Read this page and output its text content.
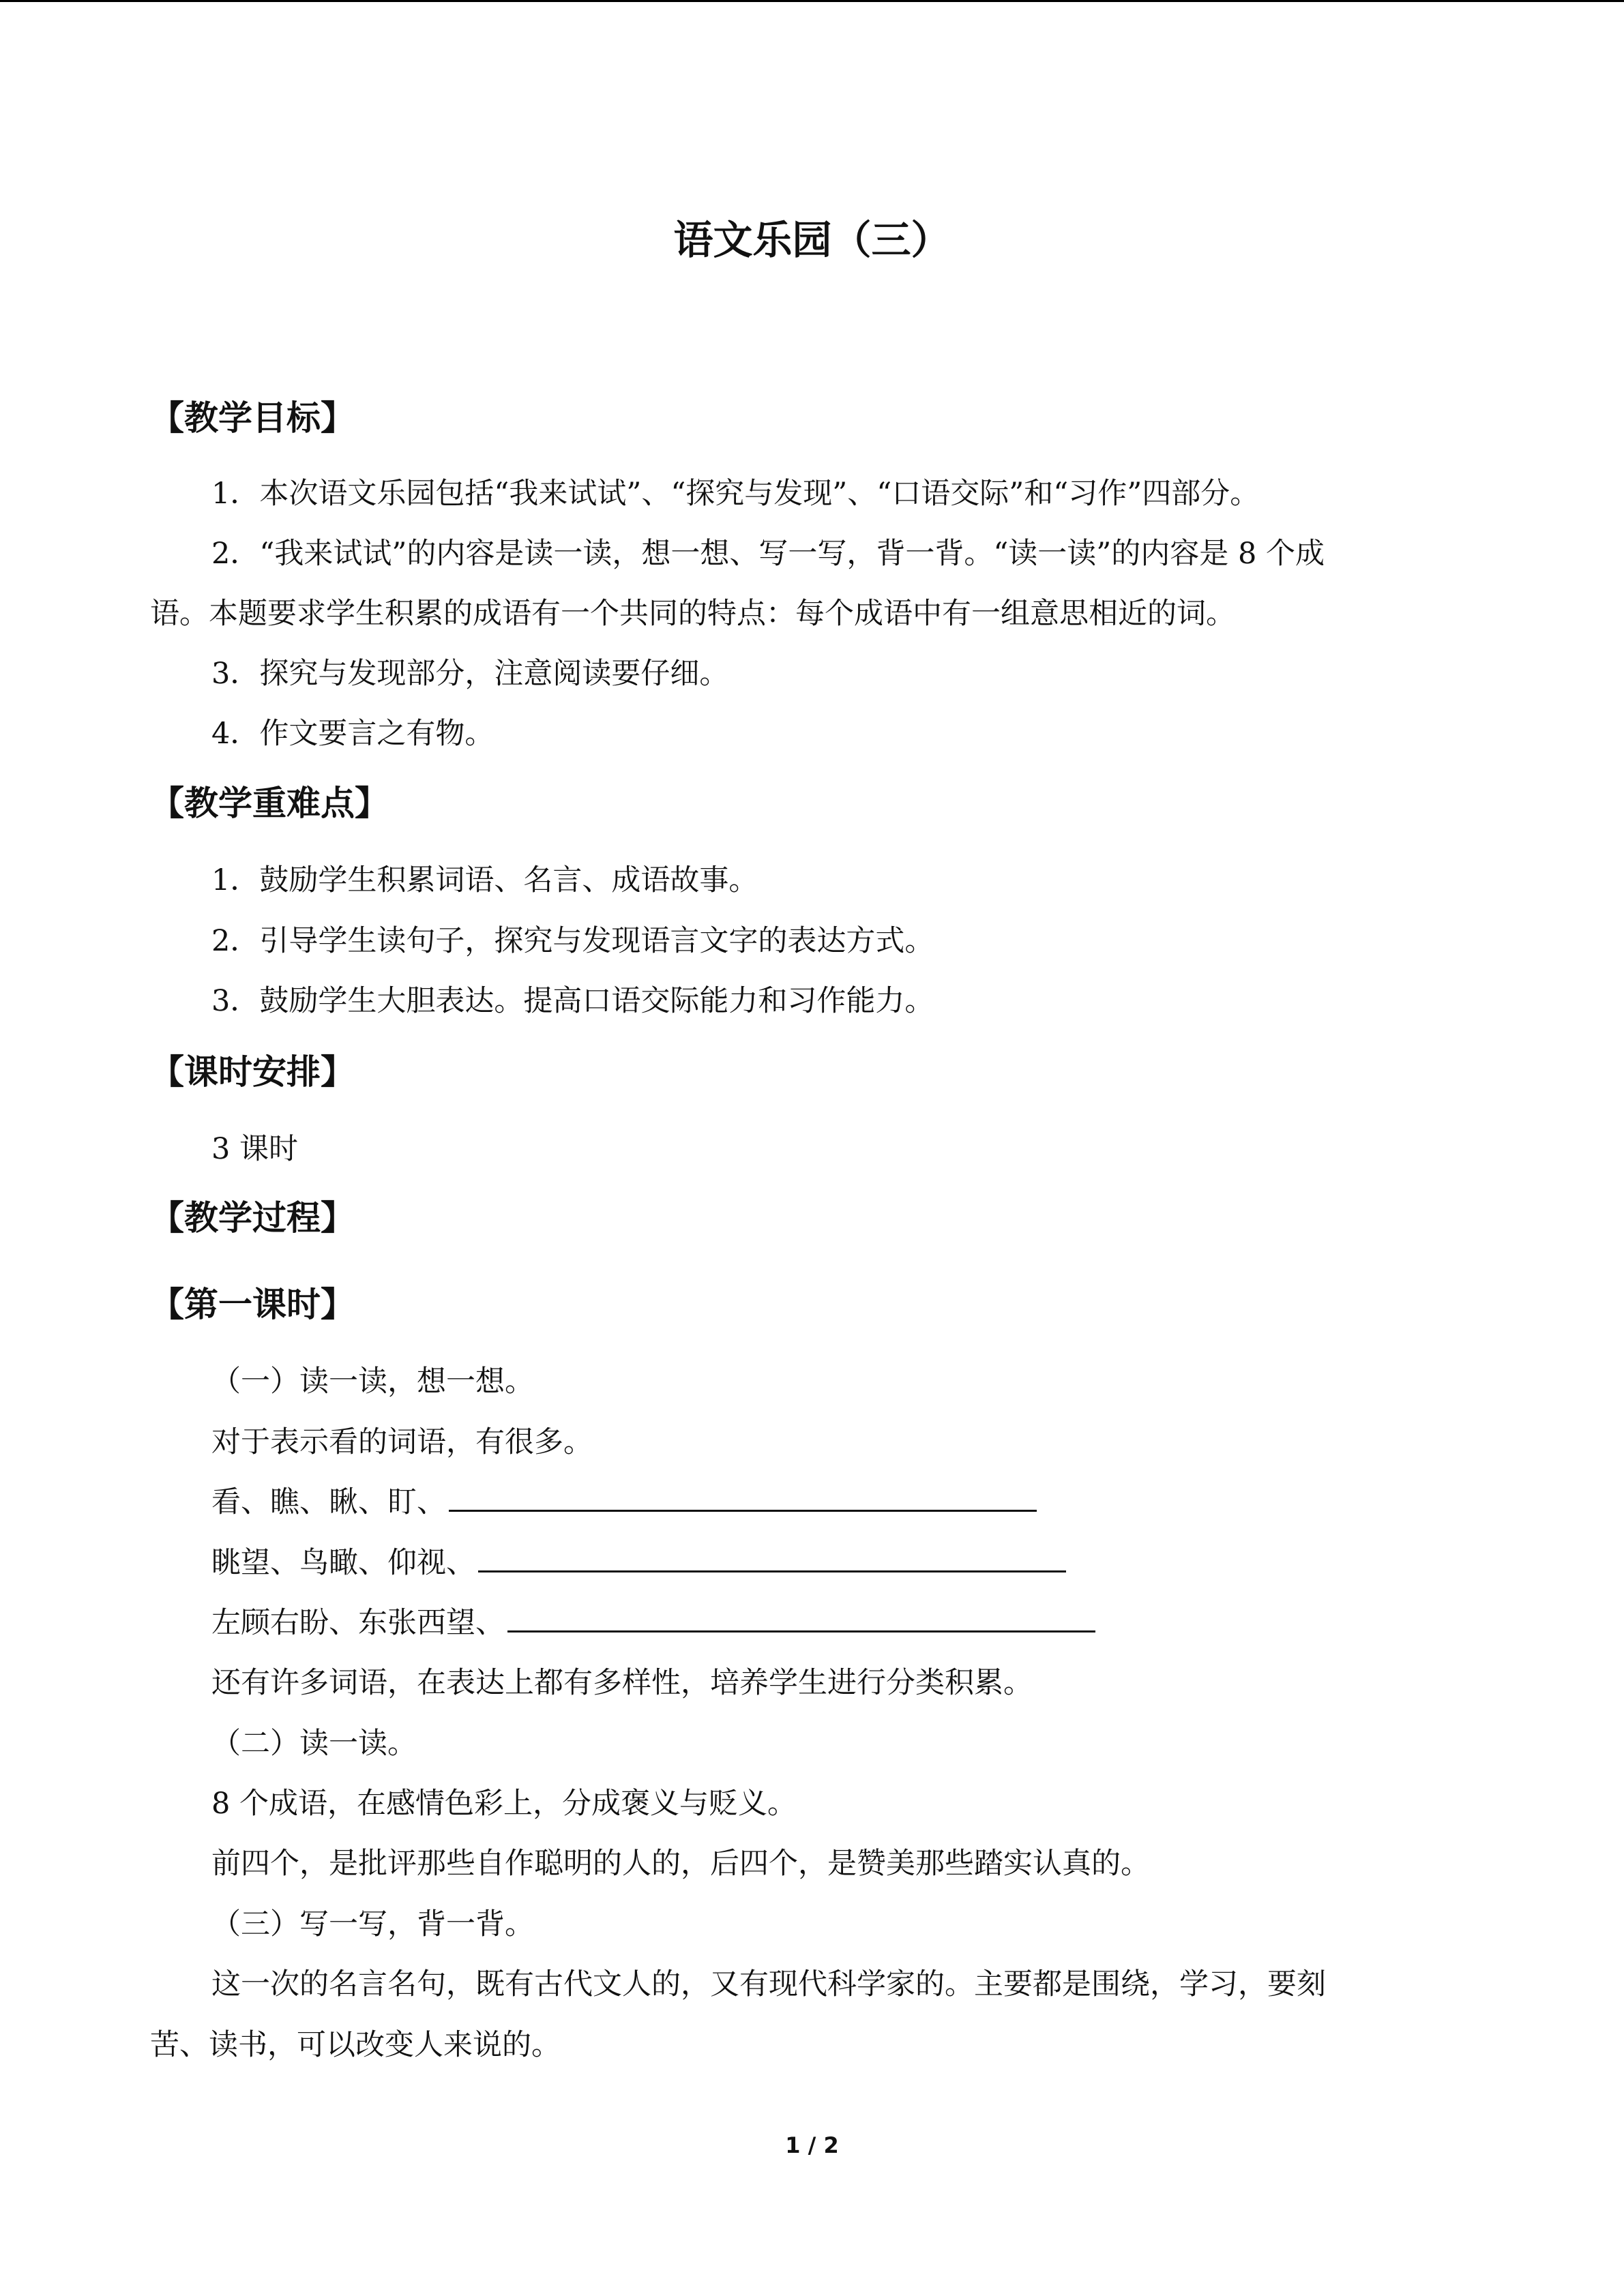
语文乐园（三）
【教学目标】
1．本次语文乐园包括“我来试试”、“探究与发现”、“口语交际”和“习作”四部分。
2．“我来试试”的内容是读一读，想一想、写一写，背一背。“读一读”的内容是 8 个成
语。本题要求学生积累的成语有一个共同的特点：每个成语中有一组意思相近的词。
3．探究与发现部分，注意阅读要仔细。
4．作文要言之有物。
【教学重难点】
1．鼓励学生积累词语、名言、成语故事。
2．引导学生读句子，探究与发现语言文字的表达方式。
3．鼓励学生大胆表达。提高口语交际能力和习作能力。
【课时安排】
3 课时
【教学过程】
【第一课时】
（一）读一读，想一想。
对于表示看的词语，有很多。
看、瞧、瞅、盯、
眺望、鸟瞰、仰视、
左顾右盼、东张西望、
还有许多词语，在表达上都有多样性，培养学生进行分类积累。
（二）读一读。
8 个成语，在感情色彩上，分成褒义与贬义。
前四个，是批评那些自作聪明的人的，后四个，是赞美那些踏实认真的。
（三）写一写，背一背。
这一次的名言名句，既有古代文人的，又有现代科学家的。主要都是围绕，学习，要刻
苦、读书，可以改变人来说的。
1 / 2
